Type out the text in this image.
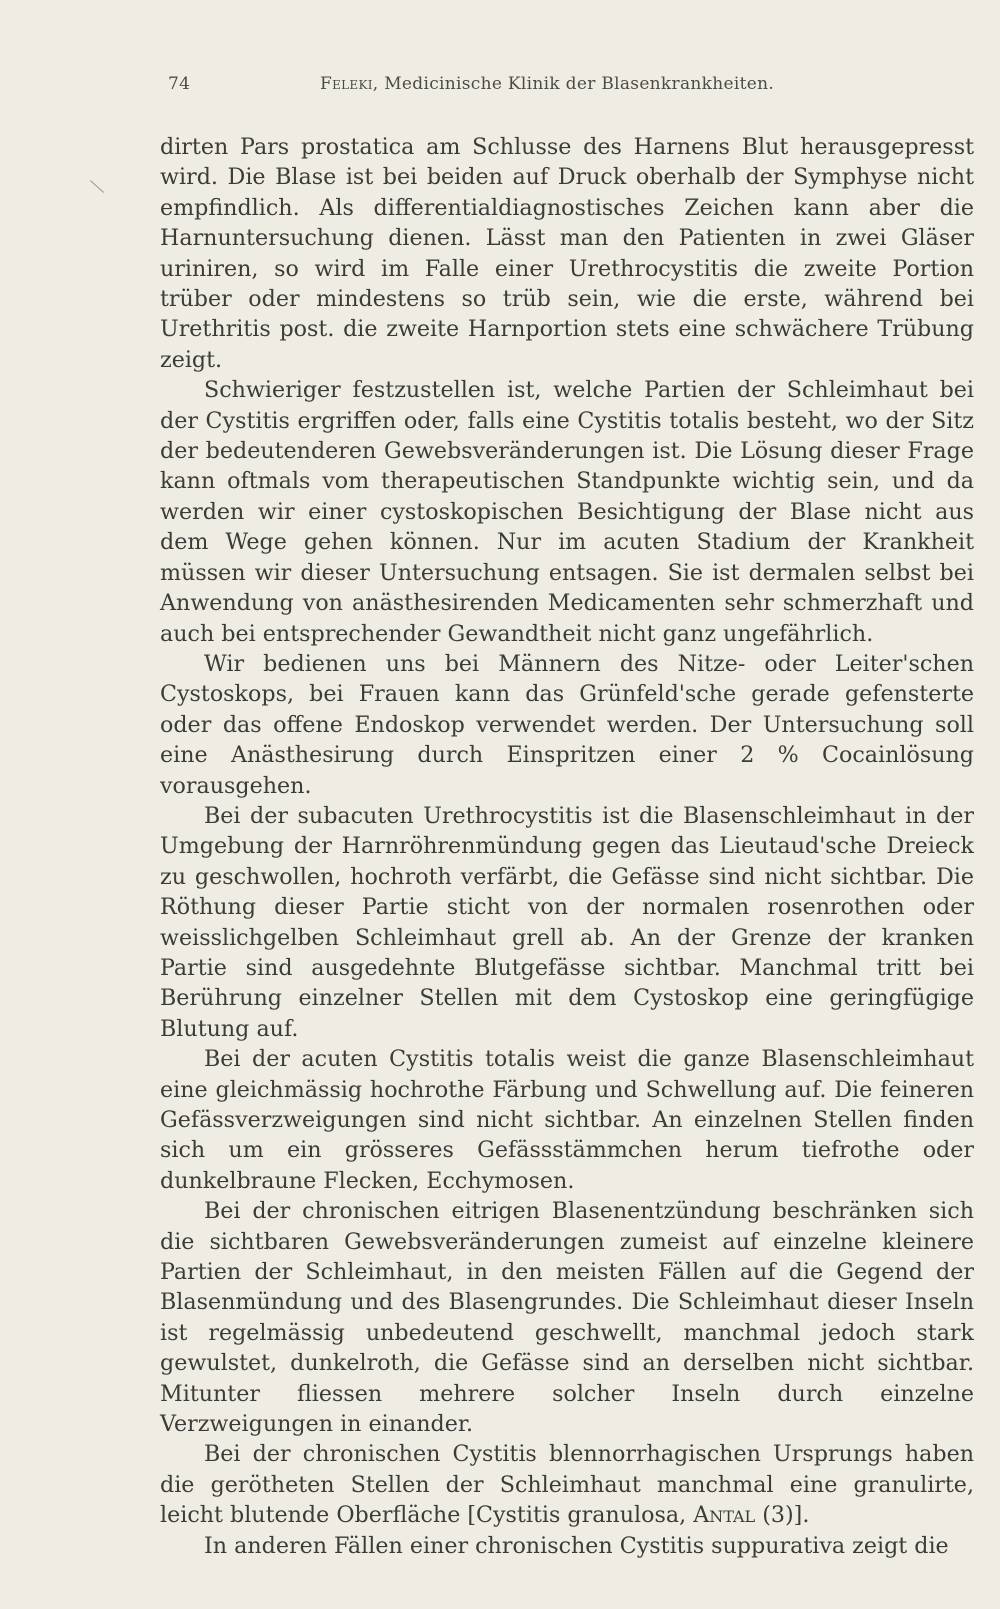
74	Feleki, Medicinische Klinik der Blasenkrankheiten.

dirten Pars prostatica am Schlusse des Harnens Blut herausgepresst wird. Die Blase ist bei beiden auf Druck oberhalb der Symphyse nicht empfindlich. Als differentialdiagnostisches Zeichen kann aber die Harnuntersuchung dienen. Lässt man den Patienten in zwei Gläser uriniren, so wird im Falle einer Urethrocystitis die zweite Portion trüber oder mindestens so trüb sein, wie die erste, während bei Urethritis post. die zweite Harnportion stets eine schwächere Trübung zeigt.

Schwieriger festzustellen ist, welche Partien der Schleimhaut bei der Cystitis ergriffen oder, falls eine Cystitis totalis besteht, wo der Sitz der bedeutenderen Gewebsveränderungen ist. Die Lösung dieser Frage kann oftmals vom therapeutischen Standpunkte wichtig sein, und da werden wir einer cystoskopischen Besichtigung der Blase nicht aus dem Wege gehen können. Nur im acuten Stadium der Krankheit müssen wir dieser Untersuchung entsagen. Sie ist dermalen selbst bei Anwendung von anästhesirenden Medicamenten sehr schmerzhaft und auch bei entsprechender Gewandtheit nicht ganz ungefährlich.

Wir bedienen uns bei Männern des Nitze- oder Leiter'schen Cystoskops, bei Frauen kann das Grünfeld'sche gerade gefensterte oder das offene Endoskop verwendet werden. Der Untersuchung soll eine Anästhesirung durch Einspritzen einer 2 % Cocainlösung vorausgehen.

Bei der subacuten Urethrocystitis ist die Blasenschleimhaut in der Umgebung der Harnröhrenmündung gegen das Lieutaud'sche Dreieck zu geschwollen, hochroth verfärbt, die Gefässe sind nicht sichtbar. Die Röthung dieser Partie sticht von der normalen rosenrothen oder weisslichgelben Schleimhaut grell ab. An der Grenze der kranken Partie sind ausgedehnte Blutgefässe sichtbar. Manchmal tritt bei Berührung einzelner Stellen mit dem Cystoskop eine geringfügige Blutung auf.

Bei der acuten Cystitis totalis weist die ganze Blasenschleimhaut eine gleichmässig hochrothe Färbung und Schwellung auf. Die feineren Gefässverzweigungen sind nicht sichtbar. An einzelnen Stellen finden sich um ein grösseres Gefässstämmchen herum tiefrothe oder dunkelbraune Flecken, Ecchymosen.

Bei der chronischen eitrigen Blasenentzündung beschränken sich die sichtbaren Gewebsveränderungen zumeist auf einzelne kleinere Partien der Schleimhaut, in den meisten Fällen auf die Gegend der Blasenmündung und des Blasengrundes. Die Schleimhaut dieser Inseln ist regelmässig unbedeutend geschwellt, manchmal jedoch stark gewulstet, dunkelroth, die Gefässe sind an derselben nicht sichtbar. Mitunter fliessen mehrere solcher Inseln durch einzelne Verzweigungen in einander.

Bei der chronischen Cystitis blennorrhagischen Ursprungs haben die gerötheten Stellen der Schleimhaut manchmal eine granulirte, leicht blutende Oberfläche [Cystitis granulosa, Antal (3)].

In anderen Fällen einer chronischen Cystitis suppurativa zeigt die
